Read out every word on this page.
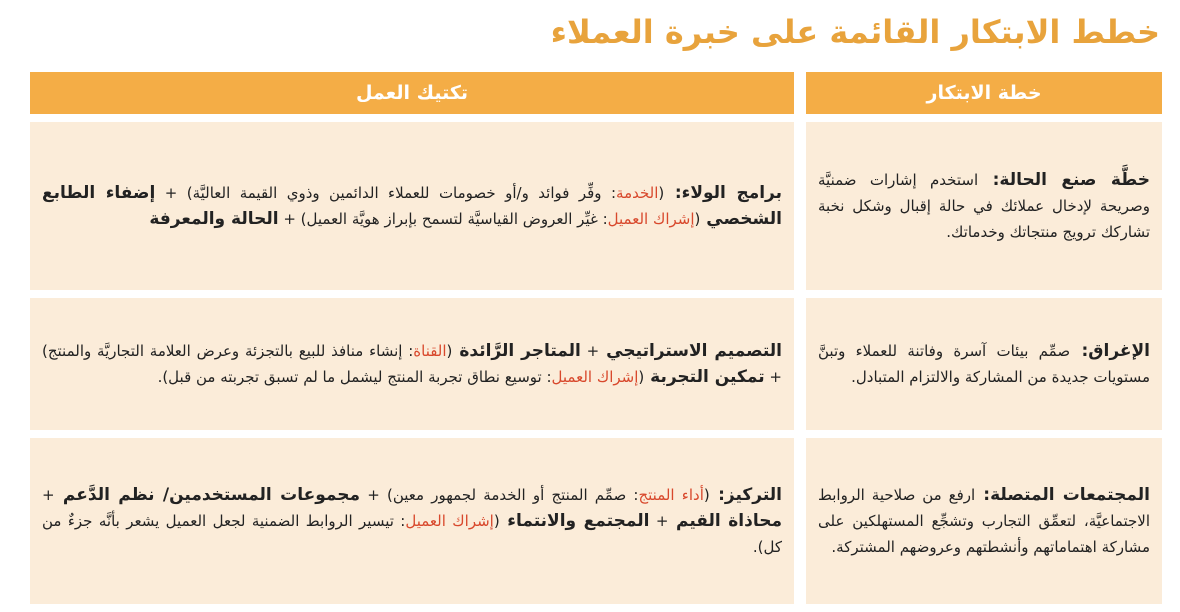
خطط الابتكار القائمة على خبرة العملاء
خطة الابتكار
تكتيك العمل

خطَّة صنع الحالة: استخدم إشارات ضمنيَّة وصريحة لإدخال عملائك في حالة إقبال وشكل نخبة تشاركك ترويج منتجاتك وخدماتك.

برامج الولاء: (الخدمة: وفِّر فوائد و/أو خصومات للعملاء الدائمين وذوي القيمة العاليَّة) + إضفاء الطابع الشخصي (إشراك العميل: غيِّر العروض القياسيَّة لتسمح بإبراز هويَّة العميل) + الحالة والمعرفة

الإغراق: صمِّم بيئات آسرة وفاتنة للعملاء وتبنَّ مستويات جديدة من المشاركة والالتزام المتبادل.

التصميم الاستراتيجي + المتاجر الرَّائدة (القناة: إنشاء منافذ للبيع بالتجزئة وعرض العلامة التجاريَّة والمنتج) + تمكين التجربة (إشراك العميل: توسيع نطاق تجربة المنتج ليشمل ما لم تسبق تجربته من قبل).

المجتمعات المتصلة: ارفع من صلاحية الروابط الاجتماعيَّة، لتعمِّق التجارب وتشجِّع المستهلكين على مشاركة اهتماماتهم وأنشطتهم وعروضهم المشتركة.

التركيز: (أداء المنتج: صمِّم المنتج أو الخدمة لجمهور معين) + مجموعات المستخدمين/ نظم الدَّعم + محاذاة القيم + المجتمع والانتماء (إشراك العميل: تيسير الروابط الضمنية لجعل العميل يشعر بأنَّه جزءٌ من كل).
